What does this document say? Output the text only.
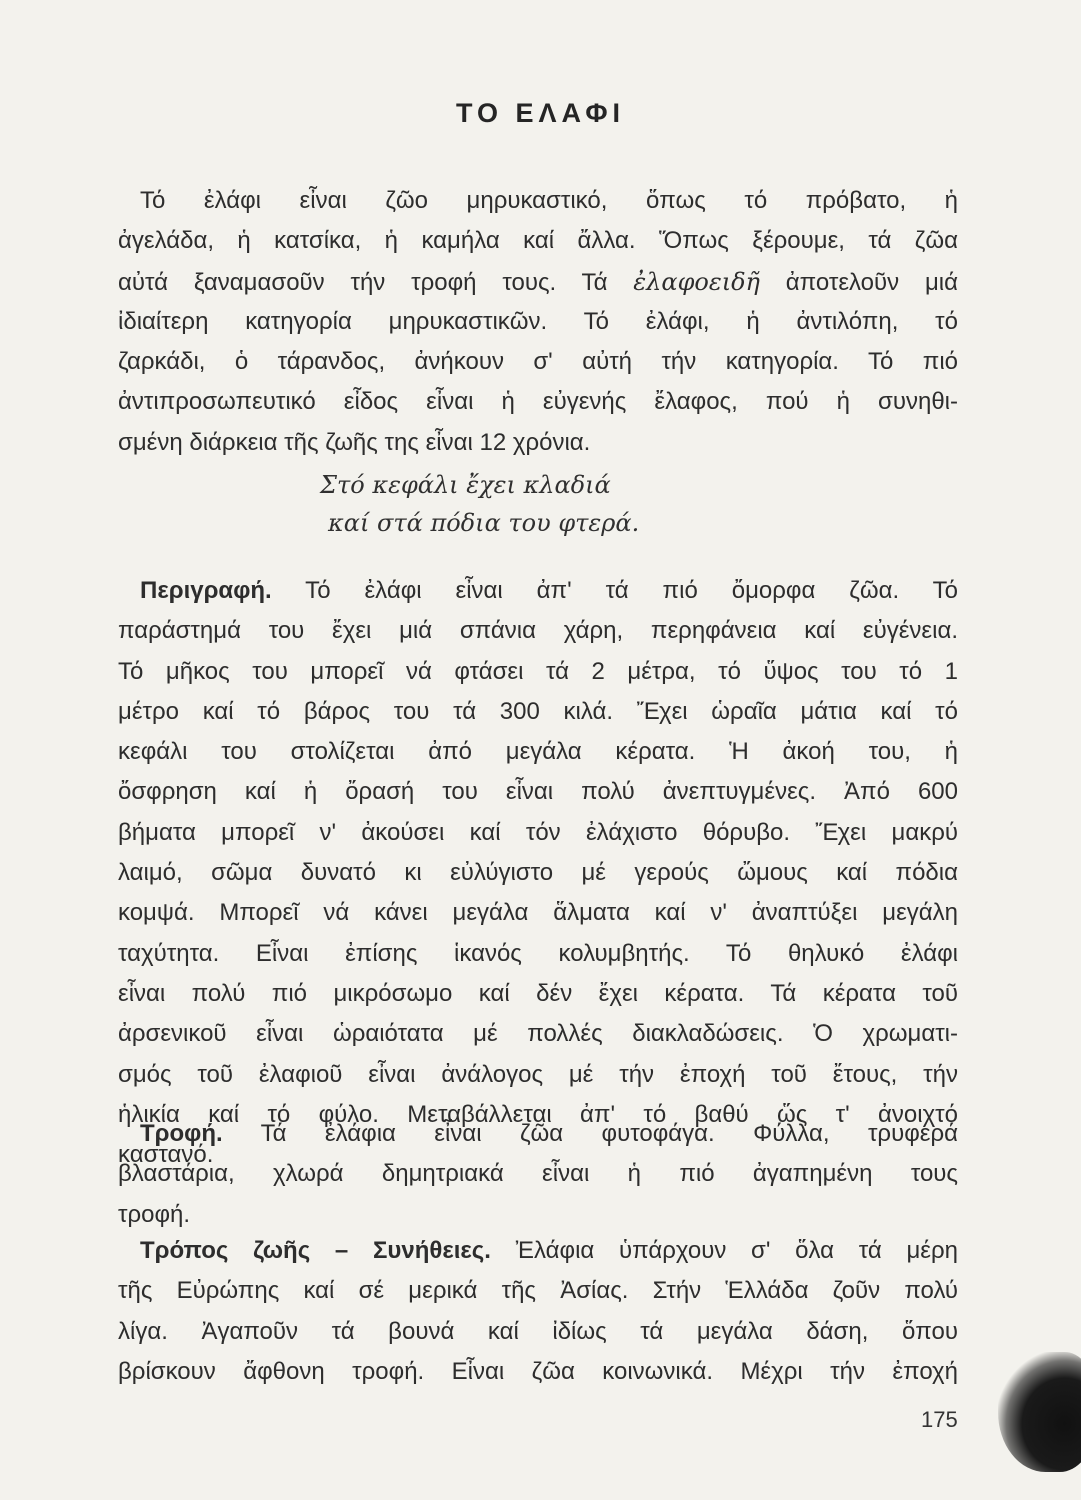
ΤΟ ΕΛΑΦΙ
Τό ἐλάφι εἶναι ζῶο μηρυκαστικό, ὅπως τό πρόβατο, ἡ
ἀγελάδα, ἡ κατσίκα, ἡ καμήλα καί ἄλλα. Ὅπως ξέρουμε, τά ζῶα
αὐτά ξαναμασοῦν τήν τροφή τους. Τά ἐλαφοειδῆ ἀποτελοῦν μιά
ἰδιαίτερη κατηγορία μηρυκαστικῶν. Τό ἐλάφι, ἡ ἀντιλόπη, τό
ζαρκάδι, ὁ τάρανδος, ἀνήκουν σ' αὐτή τήν κατηγορία. Τό πιό
ἀντιπροσωπευτικό εἶδος εἶναι ἡ εὐγενής ἔλαφος, πού ἡ συνηθι-
σμένη διάρκεια τῆς ζωῆς της εἶναι 12 χρόνια.
Στό κεφάλι ἔχει κλαδιά
καί στά πόδια του φτερά.
Περιγραφή. Τό ἐλάφι εἶναι ἀπ' τά πιό ὄμορφα ζῶα. Τό
παράστημά του ἔχει μιά σπάνια χάρη, περηφάνεια καί εὐγένεια.
Τό μῆκος του μπορεῖ νά φτάσει τά 2 μέτρα, τό ὕψος του τό 1
μέτρο καί τό βάρος του τά 300 κιλά. Ἔχει ὡραῖα μάτια καί τό
κεφάλι του στολίζεται ἀπό μεγάλα κέρατα. Ἡ ἀκοή του, ἡ
ὄσφρηση καί ἡ ὄρασή του εἶναι πολύ ἀνεπτυγμένες. Ἀπό 600
βήματα μπορεῖ ν' ἀκούσει καί τόν ἐλάχιστο θόρυβο. Ἔχει μακρύ
λαιμό, σῶμα δυνατό κι εὐλύγιστο μέ γερούς ὤμους καί πόδια
κομψά. Μπορεῖ νά κάνει μεγάλα ἅλματα καί ν' ἀναπτύξει μεγάλη
ταχύτητα. Εἶναι ἐπίσης ἱκανός κολυμβητής. Τό θηλυκό ἐλάφι
εἶναι πολύ πιό μικρόσωμο καί δέν ἔχει κέρατα. Τά κέρατα τοῦ
ἀρσενικοῦ εἶναι ὡραιότατα μέ πολλές διακλαδώσεις. Ὁ χρωματι-
σμός τοῦ ἐλαφιοῦ εἶναι ἀνάλογος μέ τήν ἐποχή τοῦ ἔτους, τήν
ἡλικία καί τό φύλο. Μεταβάλλεται ἀπ' τό βαθύ ὥς τ' ἀνοιχτό
καστανό.
Τροφή. Τά ἐλάφια εἶναι ζῶα φυτοφάγα. Φύλλα, τρυφερά
βλαστάρια, χλωρά δημητριακά εἶναι ἡ πιό ἀγαπημένη τους
τροφή.
Τρόπος ζωῆς – Συνήθειες. Ἐλάφια ὑπάρχουν σ' ὅλα τά μέρη
τῆς Εὐρώπης καί σέ μερικά τῆς Ἀσίας. Στήν Ἑλλάδα ζοῦν πολύ
λίγα. Ἀγαποῦν τά βουνά καί ἰδίως τά μεγάλα δάση, ὅπου
βρίσκουν ἄφθονη τροφή. Εἶναι ζῶα κοινωνικά. Μέχρι τήν ἐποχή
175
